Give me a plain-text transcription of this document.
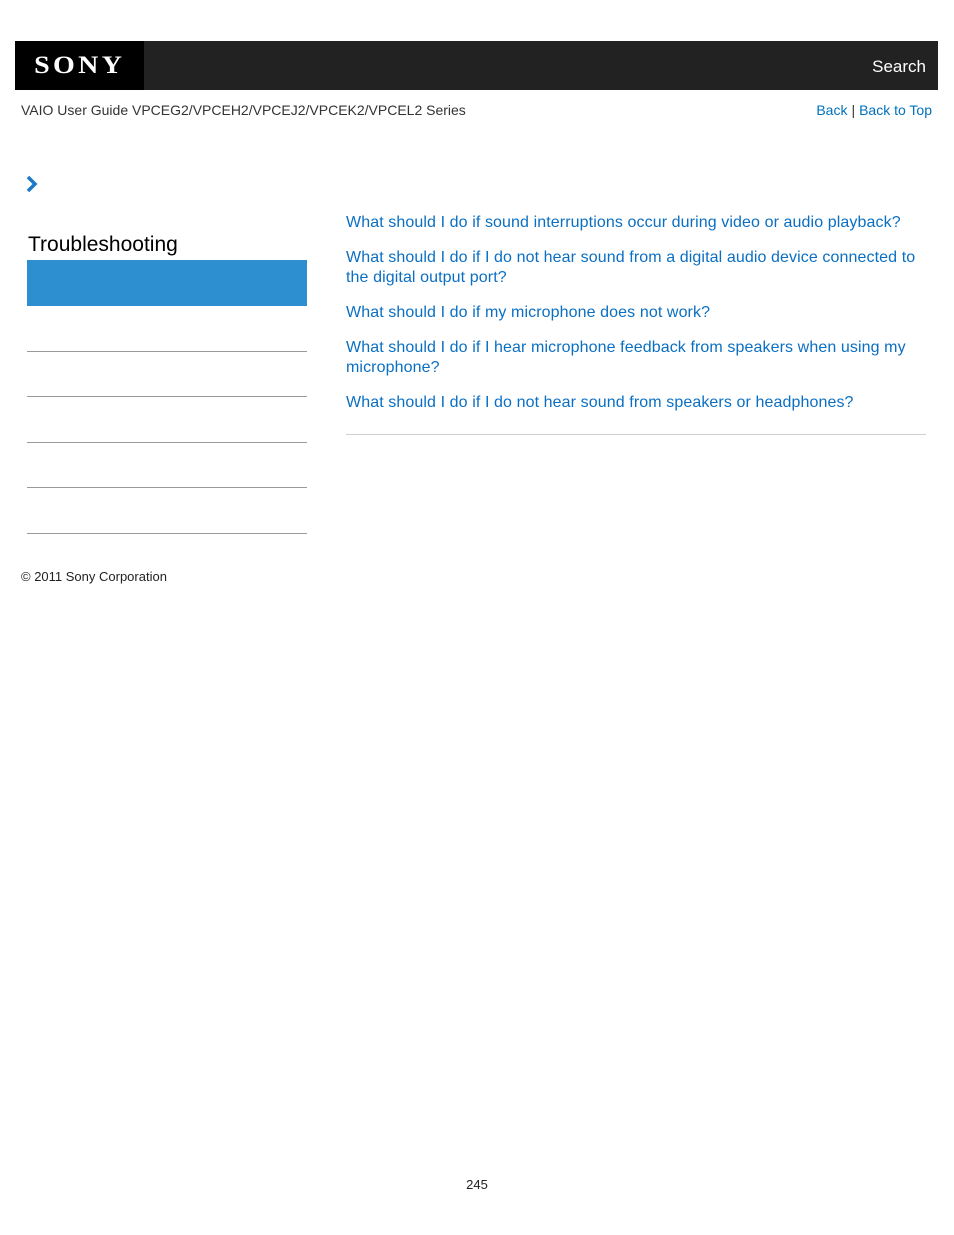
SONY	Search
VAIO User Guide VPCEG2/VPCEH2/VPCEJ2/VPCEK2/VPCEL2 Series	Back | Back to Top
Troubleshooting
What should I do if sound interruptions occur during video or audio playback?
What should I do if I do not hear sound from a digital audio device connected to the digital output port?
What should I do if my microphone does not work?
What should I do if I hear microphone feedback from speakers when using my microphone?
What should I do if I do not hear sound from speakers or headphones?
© 2011 Sony Corporation
245
